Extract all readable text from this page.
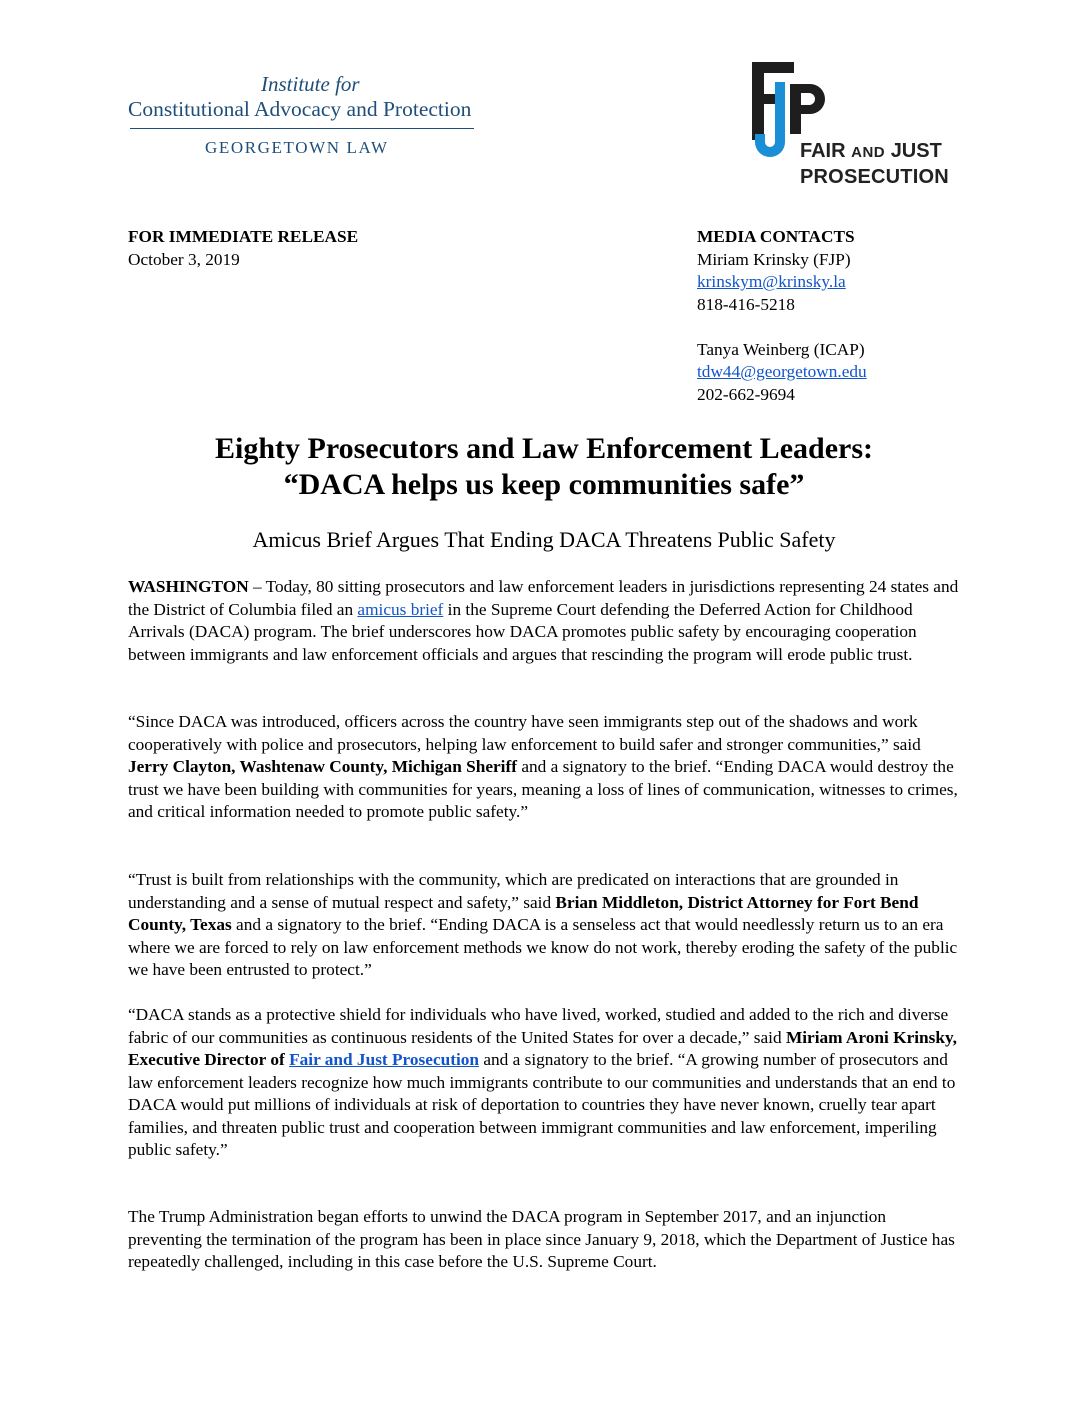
Institute for
Constitutional Advocacy and Protection
GEORGETOWN LAW	FAIR AND JUST
PROSECUTION
FOR IMMEDIATE RELEASE
October 3, 2019
MEDIA CONTACTS
Miriam Krinsky (FJP)
krinskym@krinsky.la
818-416-5218
Tanya Weinberg (ICAP)
tdw44@georgetown.edu
202-662-9694
Eighty Prosecutors and Law Enforcement Leaders:
“DACA helps us keep communities safe”
Amicus Brief Argues That Ending DACA Threatens Public Safety
WASHINGTON – Today, 80 sitting prosecutors and law enforcement leaders in jurisdictions representing 24 states and the District of Columbia filed an amicus brief in the Supreme Court defending the Deferred Action for Childhood Arrivals (DACA) program. The brief underscores how DACA promotes public safety by encouraging cooperation between immigrants and law enforcement officials and argues that rescinding the program will erode public trust.
“Since DACA was introduced, officers across the country have seen immigrants step out of the shadows and work cooperatively with police and prosecutors, helping law enforcement to build safer and stronger communities,” said Jerry Clayton, Washtenaw County, Michigan Sheriff and a signatory to the brief. “Ending DACA would destroy the trust we have been building with communities for years, meaning a loss of lines of communication, witnesses to crimes, and critical information needed to promote public safety.”
“Trust is built from relationships with the community, which are predicated on interactions that are grounded in understanding and a sense of mutual respect and safety,” said Brian Middleton, District Attorney for Fort Bend County, Texas and a signatory to the brief. “Ending DACA is a senseless act that would needlessly return us to an era where we are forced to rely on law enforcement methods we know do not work, thereby eroding the safety of the public we have been entrusted to protect.”
“DACA stands as a protective shield for individuals who have lived, worked, studied and added to the rich and diverse fabric of our communities as continuous residents of the United States for over a decade,” said Miriam Aroni Krinsky, Executive Director of Fair and Just Prosecution and a signatory to the brief. “A growing number of prosecutors and law enforcement leaders recognize how much immigrants contribute to our communities and understands that an end to DACA would put millions of individuals at risk of deportation to countries they have never known, cruelly tear apart families, and threaten public trust and cooperation between immigrant communities and law enforcement, imperiling public safety.”
The Trump Administration began efforts to unwind the DACA program in September 2017, and an injunction preventing the termination of the program has been in place since January 9, 2018, which the Department of Justice has repeatedly challenged, including in this case before the U.S. Supreme Court.
